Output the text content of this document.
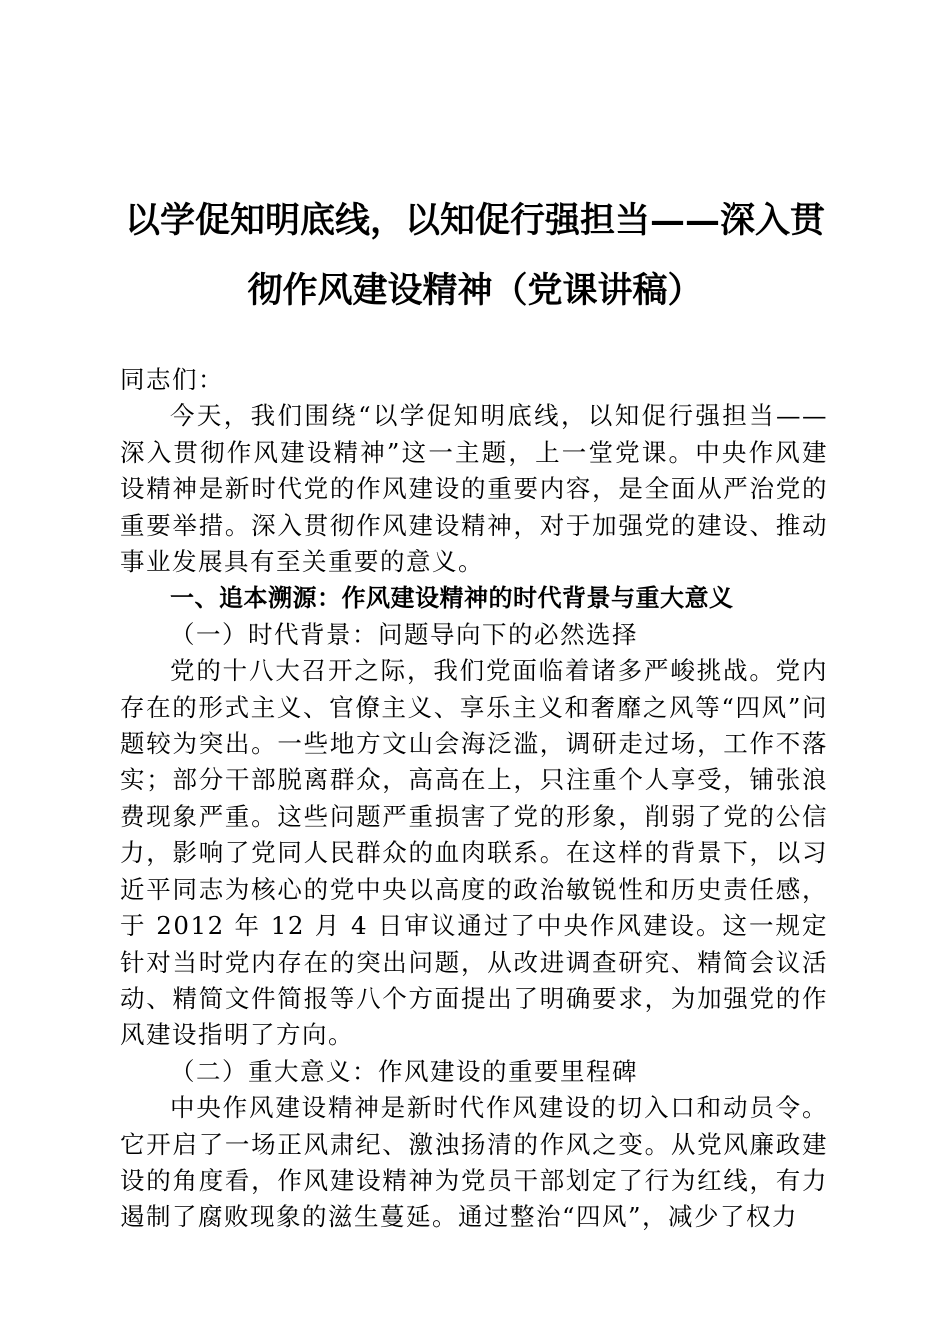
以学促知明底线，以知促行强担当——深入贯
彻作风建设精神（党课讲稿）

同志们：

今天，我们围绕“以学促知明底线，以知促行强担当——深入贯彻作风建设精神”这一主题，上一堂党课。中央作风建设精神是新时代党的作风建设的重要内容，是全面从严治党的重要举措。深入贯彻作风建设精神，对于加强党的建设、推动事业发展具有至关重要的意义。

一、追本溯源：作风建设精神的时代背景与重大意义

（一）时代背景：问题导向下的必然选择

党的十八大召开之际，我们党面临着诸多严峻挑战。党内存在的形式主义、官僚主义、享乐主义和奢靡之风等“四风”问题较为突出。一些地方文山会海泛滥，调研走过场，工作不落实；部分干部脱离群众，高高在上，只注重个人享受，铺张浪费现象严重。这些问题严重损害了党的形象，削弱了党的公信力，影响了党同人民群众的血肉联系。在这样的背景下，以习近平同志为核心的党中央以高度的政治敏锐性和历史责任感，于 2012 年 12 月 4 日审议通过了中央作风建设。这一规定针对当时党内存在的突出问题，从改进调查研究、精简会议活动、精简文件简报等八个方面提出了明确要求，为加强党的作风建设指明了方向。

（二）重大意义：作风建设的重要里程碑

中央作风建设精神是新时代作风建设的切入口和动员令。它开启了一场正风肃纪、激浊扬清的作风之变。从党风廉政建设的角度看，作风建设精神为党员干部划定了行为红线，有力遏制了腐败现象的滋生蔓延。通过整治“四风”，减少了权力
